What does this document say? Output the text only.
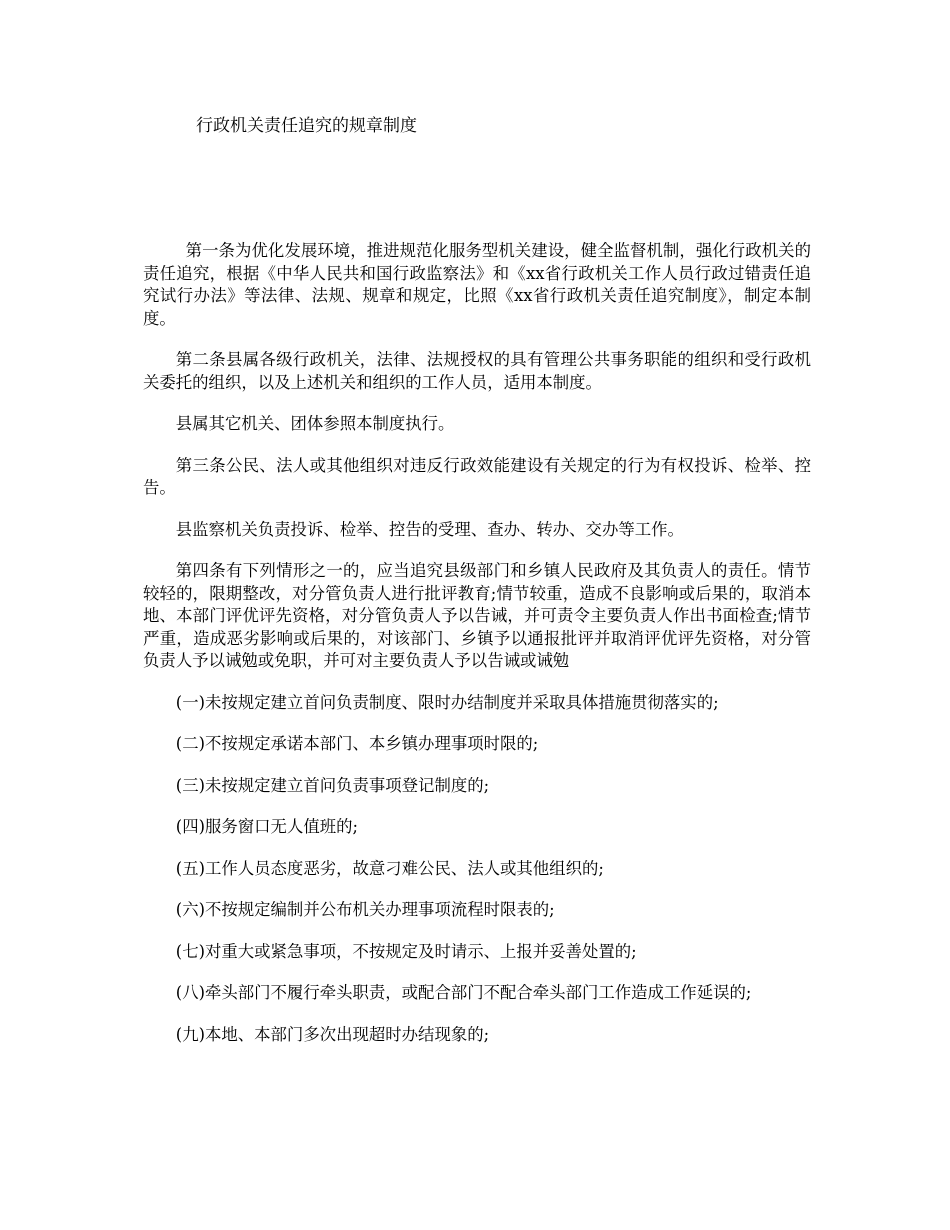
行政机关责任追究的规章制度

第一条为优化发展环境，推进规范化服务型机关建设，健全监督机制，强化行政机关的责任追究，根据《中华人民共和国行政监察法》和《xx省行政机关工作人员行政过错责任追究试行办法》等法律、法规、规章和规定，比照《xx省行政机关责任追究制度》，制定本制度。

第二条县属各级行政机关，法律、法规授权的具有管理公共事务职能的组织和受行政机关委托的组织，以及上述机关和组织的工作人员，适用本制度。

县属其它机关、团体参照本制度执行。

第三条公民、法人或其他组织对违反行政效能建设有关规定的行为有权投诉、检举、控告。

县监察机关负责投诉、检举、控告的受理、查办、转办、交办等工作。

第四条有下列情形之一的，应当追究县级部门和乡镇人民政府及其负责人的责任。情节较轻的，限期整改，对分管负责人进行批评教育;情节较重，造成不良影响或后果的，取消本地、本部门评优评先资格，对分管负责人予以告诫，并可责令主要负责人作出书面检查;情节严重，造成恶劣影响或后果的，对该部门、乡镇予以通报批评并取消评优评先资格，对分管负责人予以诫勉或免职，并可对主要负责人予以告诫或诫勉

(一)未按规定建立首问负责制度、限时办结制度并采取具体措施贯彻落实的;

(二)不按规定承诺本部门、本乡镇办理事项时限的;

(三)未按规定建立首问负责事项登记制度的;

(四)服务窗口无人值班的;

(五)工作人员态度恶劣，故意刁难公民、法人或其他组织的;

(六)不按规定编制并公布机关办理事项流程时限表的;

(七)对重大或紧急事项，不按规定及时请示、上报并妥善处置的;

(八)牵头部门不履行牵头职责，或配合部门不配合牵头部门工作造成工作延误的;

(九)本地、本部门多次出现超时办结现象的;
